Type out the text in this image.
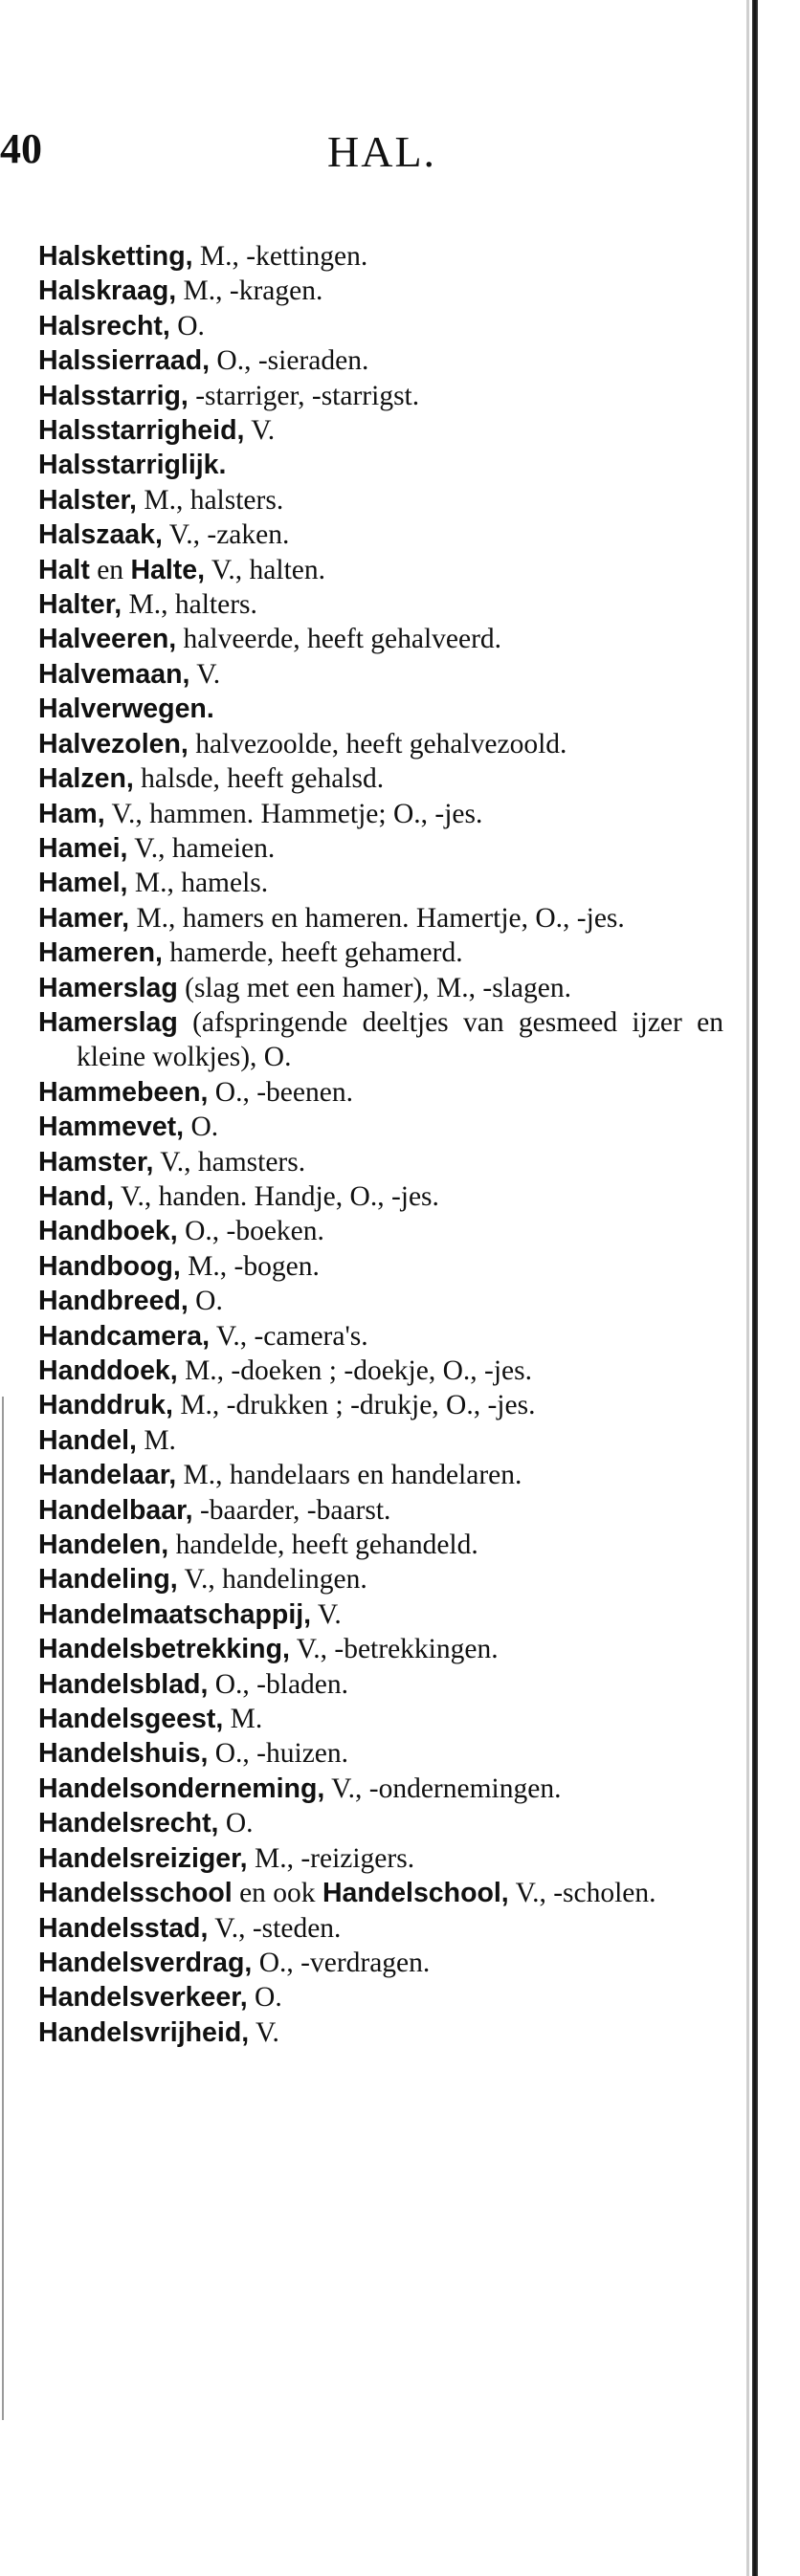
40	HAL.
Halsketting, M., -kettingen.
Halskraag, M., -kragen.
Halsrecht, O.
Halssierraad, O., -sieraden.
Halsstarrig, -starriger, -starrigst.
Halsstarrigheid, V.
Halsstarriglijk.
Halster, M., halsters.
Halszaak, V., -zaken.
Halt en Halte, V., halten.
Halter, M., halters.
Halveeren, halveerde, heeft gehalveerd.
Halvemaan, V.
Halverwegen.
Halvezolen, halvezoolde, heeft gehalvezoold.
Halzen, halsde, heeft gehalsd.
Ham, V., hammen. Hammetje; O., -jes.
Hamei, V., hameien.
Hamel, M., hamels.
Hamer, M., hamers en hameren. Hamertje, O., -jes.
Hameren, hamerde, heeft gehamerd.
Hamerslag (slag met een hamer), M., -slagen.
Hamerslag (afspringende deeltjes van gesmeed ijzer en kleine wolkjes), O.
Hammebeen, O., -beenen.
Hammevet, O.
Hamster, V., hamsters.
Hand, V., handen. Handje, O., -jes.
Handboek, O., -boeken.
Handboog, M., -bogen.
Handbreed, O.
Handcamera, V., -camera's.
Handdoek, M., -doeken ; -doekje, O., -jes.
Handdruk, M., -drukken ; -drukje, O., -jes.
Handel, M.
Handelaar, M., handelaars en handelaren.
Handelbaar, -baarder, -baarst.
Handelen, handelde, heeft gehandeld.
Handeling, V., handelingen.
Handelmaatschappij, V.
Handelsbetrekking, V., -betrekkingen.
Handelsblad, O., -bladen.
Handelsgeest, M.
Handelshuis, O., -huizen.
Handelsonderneming, V., -ondernemingen.
Handelsrecht, O.
Handelsreiziger, M., -reizigers.
Handelsschool en ook Handelschool, V., -scholen.
Handelsstad, V., -steden.
Handelsverdrag, O., -verdragen.
Handelsverkeer, O.
Handelsvrijheid, V.
